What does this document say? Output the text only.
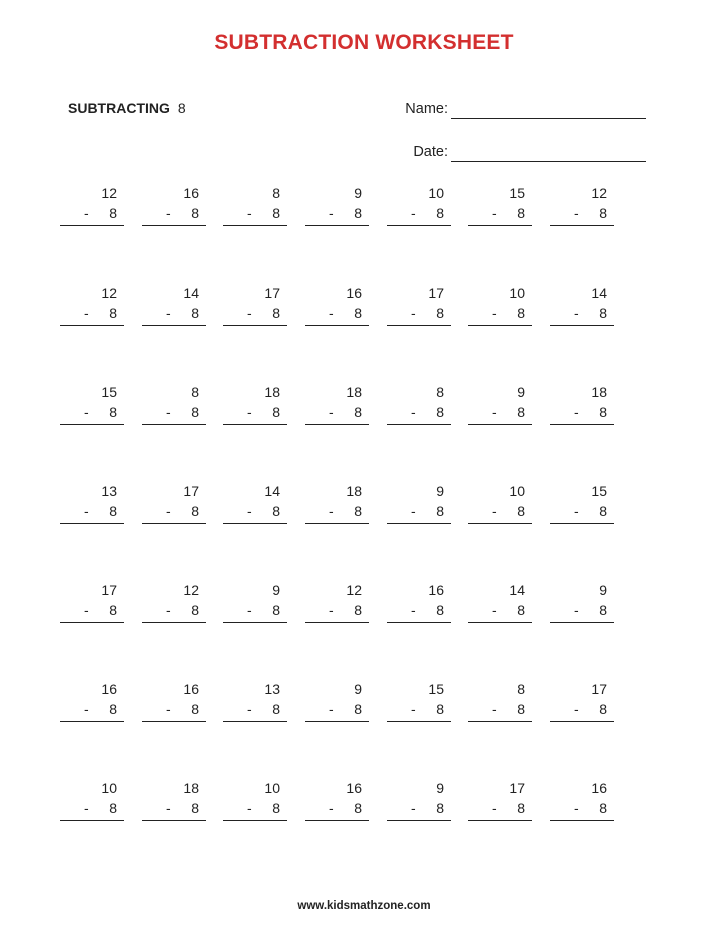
SUBTRACTION WORKSHEET
SUBTRACTING 8	Name:
Date:
12
- 8
16
- 8
8
- 8
9
- 8
10
- 8
15
- 8
12
- 8
12
- 8
14
- 8
17
- 8
16
- 8
17
- 8
10
- 8
14
- 8
15
- 8
8
- 8
18
- 8
18
- 8
8
- 8
9
- 8
18
- 8
13
- 8
17
- 8
14
- 8
18
- 8
9
- 8
10
- 8
15
- 8
17
- 8
12
- 8
9
- 8
12
- 8
16
- 8
14
- 8
9
- 8
16
- 8
16
- 8
13
- 8
9
- 8
15
- 8
8
- 8
17
- 8
10
- 8
18
- 8
10
- 8
16
- 8
9
- 8
17
- 8
16
- 8
www.kidsmathzone.com
